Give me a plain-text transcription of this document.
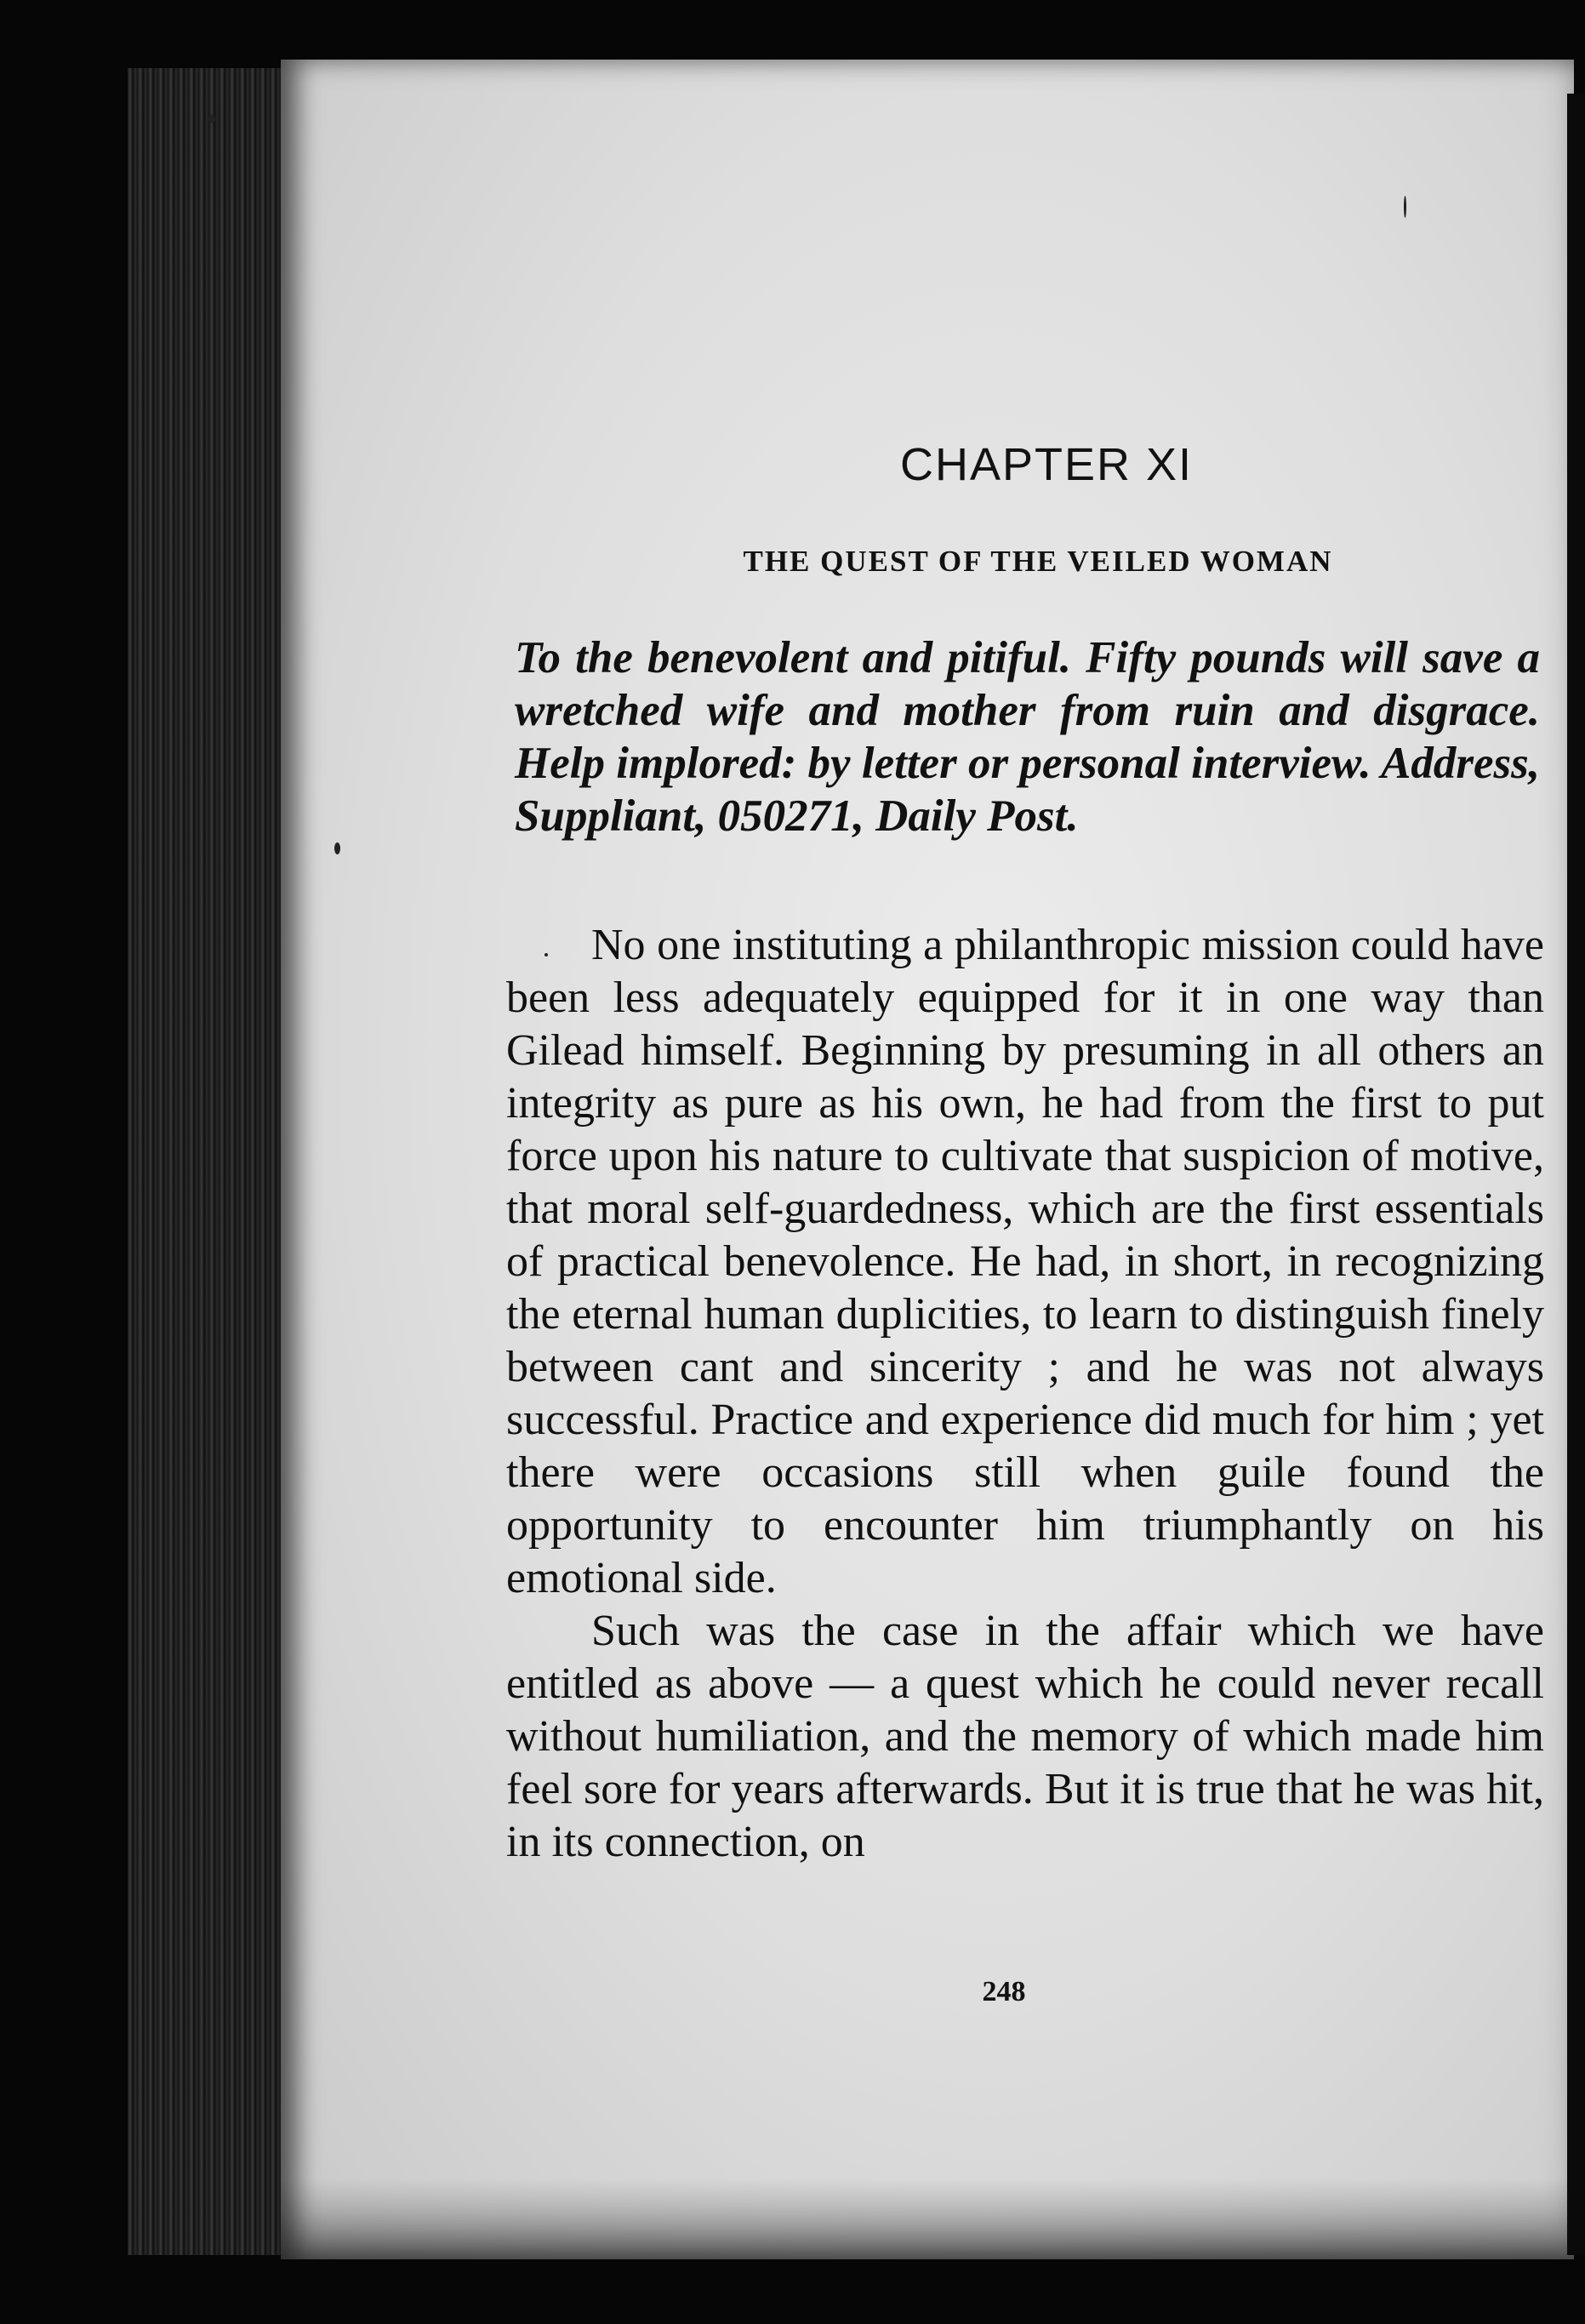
CHAPTER XI
THE QUEST OF THE VEILED WOMAN
To the benevolent and pitiful. Fifty pounds will save a wretched wife and mother from ruin and disgrace. Help implored: by letter or personal interview. Address, Suppliant, 050271, Daily Post.

No one instituting a philanthropic mission could have been less adequately equipped for it in one way than Gilead himself. Beginning by presuming in all others an integrity as pure as his own, he had from the first to put force upon his nature to cultivate that suspicion of motive, that moral self-guardedness, which are the first essentials of practical benevolence. He had, in short, in recognizing the eternal human duplicities, to learn to distinguish finely between cant and sincerity ; and he was not always successful. Practice and experience did much for him ; yet there were occasions still when guile found the opportunity to encounter him triumphantly on his emotional side.

Such was the case in the affair which we have entitled as above — a quest which he could never recall without humiliation, and the memory of which made him feel sore for years afterwards. But it is true that he was hit, in its connection, on

248
